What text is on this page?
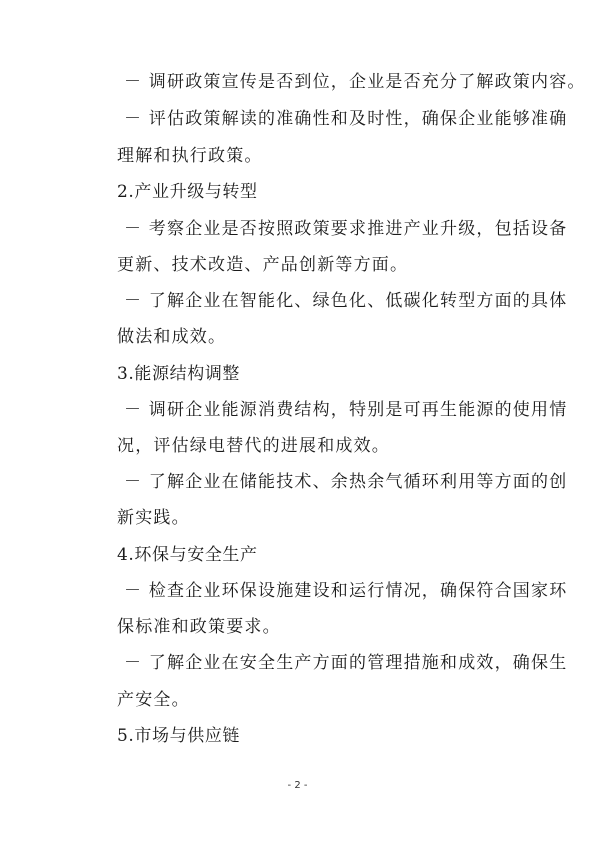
－ 调研政策宣传是否到位，企业是否充分了解政策内容。
－ 评估政策解读的准确性和及时性，确保企业能够准确
理解和执行政策。
2.产业升级与转型
－ 考察企业是否按照政策要求推进产业升级，包括设备
更新、技术改造、产品创新等方面。
－ 了解企业在智能化、绿色化、低碳化转型方面的具体
做法和成效。
3.能源结构调整
－ 调研企业能源消费结构，特别是可再生能源的使用情
况，评估绿电替代的进展和成效。
－ 了解企业在储能技术、余热余气循环利用等方面的创
新实践。
4.环保与安全生产
－ 检查企业环保设施建设和运行情况，确保符合国家环
保标准和政策要求。
－ 了解企业在安全生产方面的管理措施和成效，确保生
产安全。
5.市场与供应链
- 2 -
